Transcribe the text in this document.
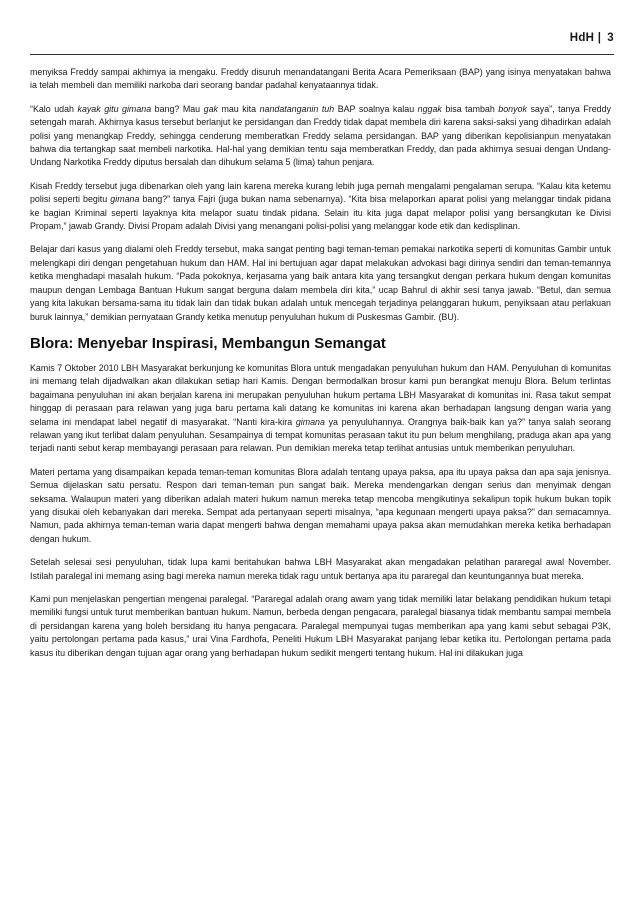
HdH | 3

menyiksa Freddy sampai akhirnya ia mengaku. Freddy disuruh menandatangani Berita Acara Pemeriksaan (BAP) yang isinya menyatakan bahwa ia telah membeli dan memiliki narkoba dari seorang bandar padahal kenyataannya tidak.

“Kalo udah kayak gitu gimana bang? Mau gak mau kita nandatanganin tuh BAP soalnya kalau nggak bisa tambah bonyok saya”, tanya Freddy setengah marah. Akhirnya kasus tersebut berlanjut ke persidangan dan Freddy tidak dapat membela diri karena saksi-saksi yang dihadirkan adalah polisi yang menangkap Freddy, sehingga cenderung memberatkan Freddy selama persidangan. BAP yang diberikan kepolisianpun menyatakan bahwa dia tertangkap saat membeli narkotika. Hal-hal yang demikian tentu saja memberatkan Freddy, dan pada akhirnya sesuai dengan Undang-Undang Narkotika Freddy diputus bersalah dan dihukum selama 5 (lima) tahun penjara.

Kisah Freddy tersebut juga dibenarkan oleh yang lain karena mereka kurang lebih juga pernah mengalami pengalaman serupa. “Kalau kita ketemu polisi seperti begitu gimana bang?” tanya Fajri (juga bukan nama sebenarnya). “Kita bisa melaporkan aparat polisi yang melanggar tindak pidana ke bagian Kriminal seperti layaknya kita melapor suatu tindak pidana. Selain itu kita juga dapat melapor polisi yang bersangkutan ke Divisi Propam,” jawab Grandy. Divisi Propam adalah Divisi yang menangani polisi-polisi yang melanggar kode etik dan kedisplinan.

Belajar dari kasus yang dialami oleh Freddy tersebut, maka sangat penting bagi teman-teman pemakai narkotika seperti di komunitas Gambir untuk melengkapi diri dengan pengetahuan hukum dan HAM. Hal ini bertujuan agar dapat melakukan advokasi bagi dirinya sendiri dan teman-temannya ketika menghadapi masalah hukum. “Pada pokoknya, kerjasama yang baik antara kita yang tersangkut dengan perkara hukum dengan komunitas maupun dengan Lembaga Bantuan Hukum sangat berguna dalam membela diri kita,” ucap Bahrul di akhir sesi tanya jawab. “Betul, dan semua yang kita lakukan bersama-sama itu tidak lain dan tidak bukan adalah untuk mencegah terjadinya pelanggaran hukum, penyiksaan atau perlakuan buruk lainnya,” demikian pernyataan Grandy ketika menutup penyuluhan hukum di Puskesmas Gambir. (BU).

Blora: Menyebar Inspirasi, Membangun Semangat

Kamis 7 Oktober 2010 LBH Masyarakat berkunjung ke komunitas Blora untuk mengadakan penyuluhan hukum dan HAM. Penyuluhan di komunitas ini memang telah dijadwalkan akan dilakukan setiap hari Kamis. Dengan bermodalkan brosur kami pun berangkat menuju Blora. Belum terlintas bagaimana penyuluhan ini akan berjalan karena ini merupakan penyuluhan hukum pertama LBH Masyarakat di komunitas ini. Rasa takut sempat hinggap di perasaan para relawan yang juga baru pertama kali datang ke komunitas ini karena akan berhadapan langsung dengan waria yang selama ini mendapat label negatif di masyarakat. “Nanti kira-kira gimana ya penyuluhannya. Orangnya baik-baik kan ya?” tanya salah seorang relawan yang ikut terlibat dalam penyuluhan. Sesampainya di tempat komunitas perasaan takut itu pun belum menghilang, praduga akan apa yang terjadi nanti sebut kerap membayangi perasaan para relawan. Pun demikian mereka tetap terlihat antusias untuk memberikan penyuluhan.

Materi pertama yang disampaikan kepada teman-teman komunitas Blora adalah tentang upaya paksa, apa itu upaya paksa dan apa saja jenisnya. Semua dijelaskan satu persatu. Respon dari teman-teman pun sangat baik. Mereka mendengarkan dengan serius dan menyimak dengan seksama. Walaupun materi yang diberikan adalah materi hukum namun mereka tetap mencoba mengikutinya sekalipun topik hukum bukan topik yang disukai oleh kebanyakan dari mereka. Sempat ada pertanyaan seperti misalnya, “apa kegunaan mengerti upaya paksa?” dan semacamnya. Namun, pada akhirnya teman-teman waria dapat mengerti bahwa dengan memahami upaya paksa akan memudahkan mereka ketika berhadapan dengan hukum.

Setelah selesai sesi penyuluhan, tidak lupa kami beritahukan bahwa LBH Masyarakat akan mengadakan pelatihan pararegal awal November. Istilah paralegal ini memang asing bagi mereka namun mereka tidak ragu untuk bertanya apa itu pararegal dan keuntungannya buat mereka.

Kami pun menjelaskan pengertian mengenai paralegal. “Pararegal adalah orang awam yang tidak memiliki latar belakang pendidikan hukum tetapi memiliki fungsi untuk turut memberikan bantuan hukum. Namun, berbeda dengan pengacara, paralegal biasanya tidak membantu sampai membela di persidangan karena yang boleh bersidang itu hanya pengacara. Paralegal mempunyai tugas memberikan apa yang kami sebut sebagai P3K, yaitu pertolongan pertama pada kasus,” urai Vina Fardhofa, Peneliti Hukum LBH Masyarakat panjang lebar ketika itu. Pertolongan pertama pada kasus itu diberikan dengan tujuan agar orang yang berhadapan hukum sedikit mengerti tentang hukum. Hal ini dilakukan juga
